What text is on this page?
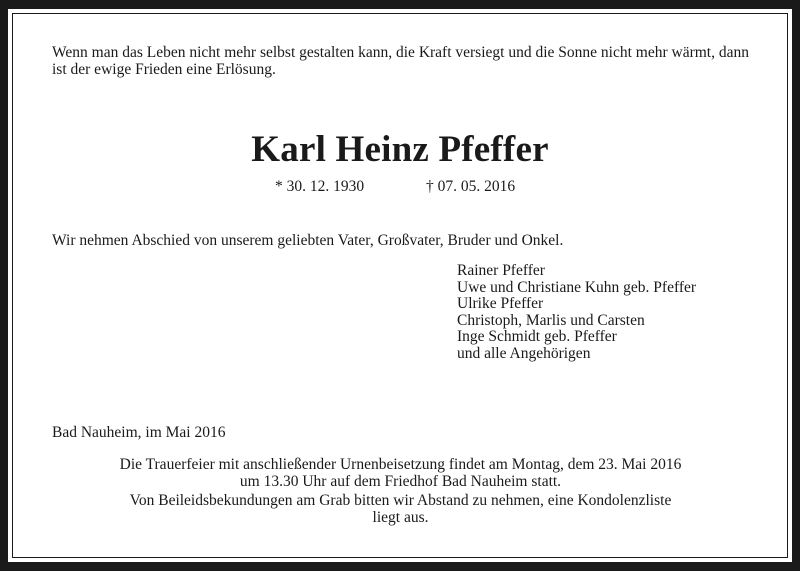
Wenn man das Leben nicht mehr selbst gestalten kann, die Kraft versiegt und die Sonne nicht mehr wärmt, dann ist der ewige Frieden eine Erlösung.
Karl Heinz Pfeffer
* 30. 12. 1930	† 07. 05. 2016
Wir nehmen Abschied von unserem geliebten Vater, Großvater, Bruder und Onkel.
Rainer Pfeffer
Uwe und Christiane Kuhn geb. Pfeffer
Ulrike Pfeffer
Christoph, Marlis und Carsten
Inge Schmidt geb. Pfeffer
und alle Angehörigen
Bad Nauheim, im Mai 2016
Die Trauerfeier mit anschließender Urnenbeisetzung findet am Montag, dem 23. Mai 2016
um 13.30 Uhr auf dem Friedhof Bad Nauheim statt.
Von Beileidsbekundungen am Grab bitten wir Abstand zu nehmen, eine Kondolenzliste
liegt aus.
